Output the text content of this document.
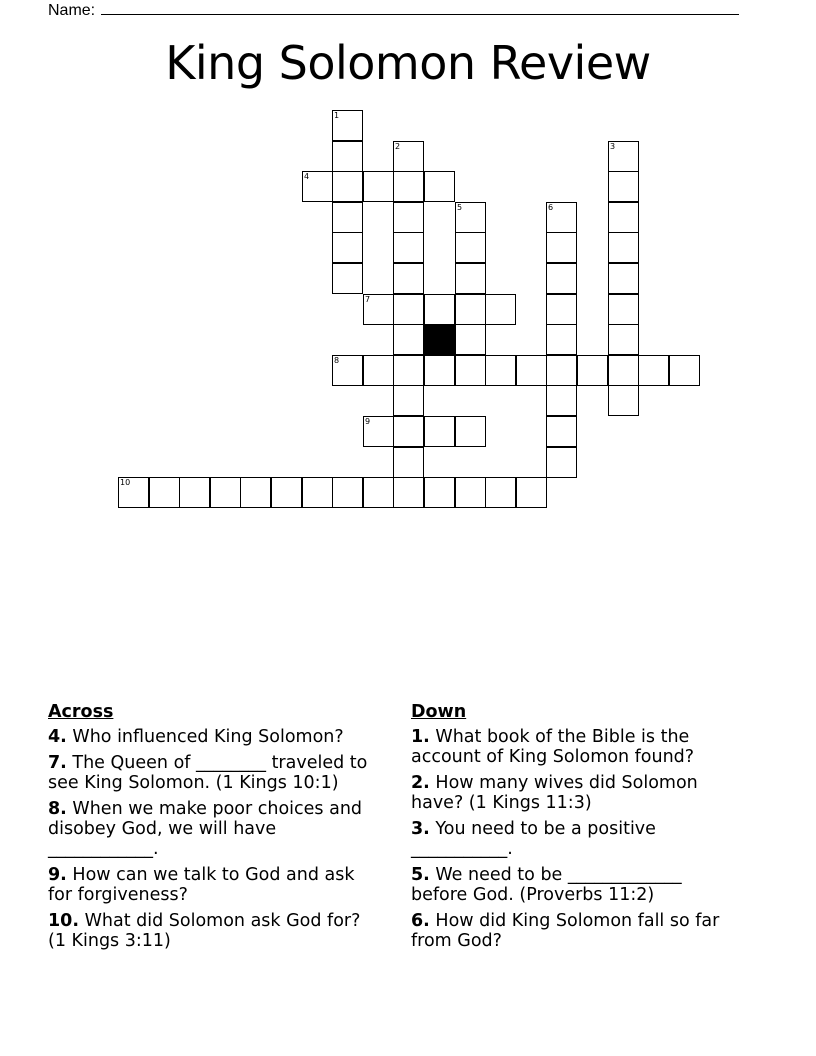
Name:
King Solomon Review
1
2	3
4
5	6
7
8
9
10
Across
4. Who influenced King Solomon?
7. The Queen of ________ traveled to see King Solomon. (1 Kings 10:1)
8. When we make poor choices and disobey God, we will have ____________.
9. How can we talk to God and ask for forgiveness?
10. What did Solomon ask God for? (1 Kings 3:11)
Down
1. What book of the Bible is the account of King Solomon found?
2. How many wives did Solomon have? (1 Kings 11:3)
3. You need to be a positive ___________.
5. We need to be _____________ before God. (Proverbs 11:2)
6. How did King Solomon fall so far from God?
